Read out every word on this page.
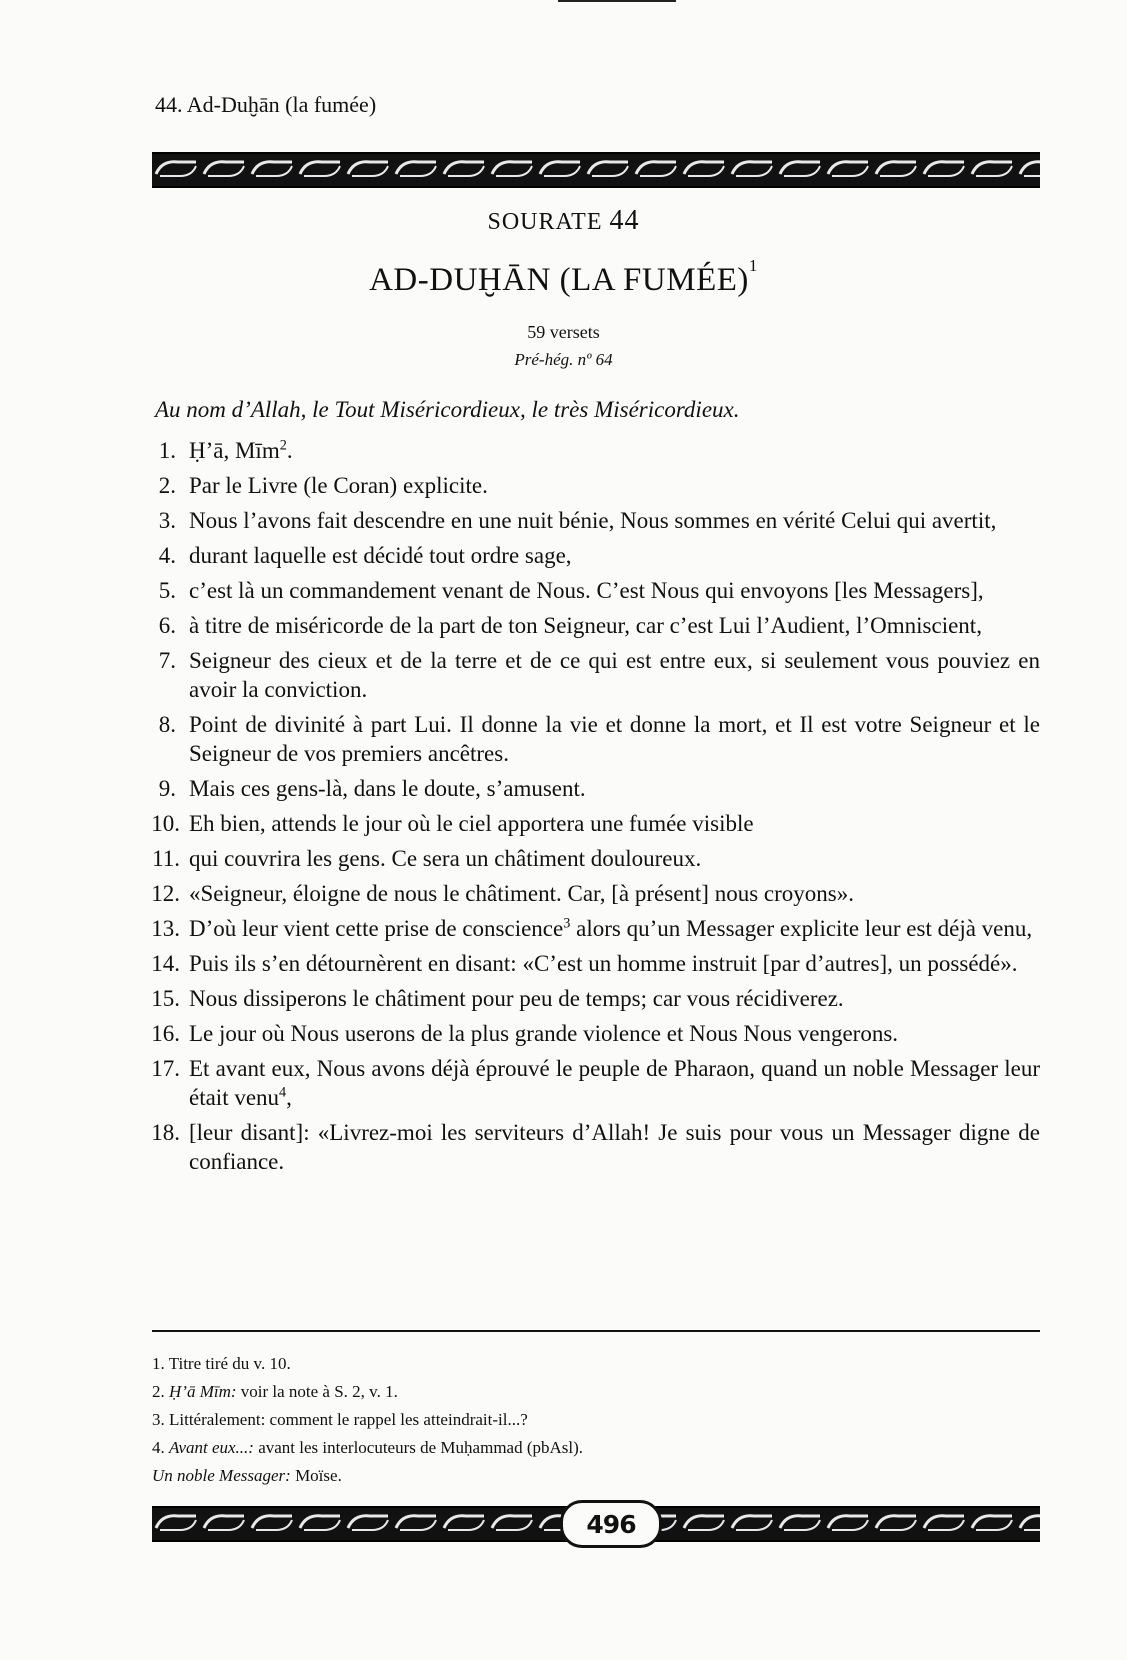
44. Ad-Duḫān (la fumée)
SOURATE 44
AD-DUḪĀN (LA FUMÉE)$^1$
59 versets
Pré-hég. nº 64
Au nom d’Allah, le Tout Miséricordieux, le très Miséricordieux.
1. Ḥ’ā, Mīm$^2$.
2. Par le Livre (le Coran) explicite.
3. Nous l’avons fait descendre en une nuit bénie, Nous sommes en vérité Celui qui avertit,
4. durant laquelle est décidé tout ordre sage,
5. c’est là un commandement venant de Nous. C’est Nous qui envoyons [les Messagers],
6. à titre de miséricorde de la part de ton Seigneur, car c’est Lui l’Audient, l’Omniscient,
7. Seigneur des cieux et de la terre et de ce qui est entre eux, si seulement vous pouviez en avoir la conviction.
8. Point de divinité à part Lui. Il donne la vie et donne la mort, et Il est votre Seigneur et le Seigneur de vos premiers ancêtres.
9. Mais ces gens-là, dans le doute, s’amusent.
10. Eh bien, attends le jour où le ciel apportera une fumée visible
11. qui couvrira les gens. Ce sera un châtiment douloureux.
12. «Seigneur, éloigne de nous le châtiment. Car, [à présent] nous croyons».
13. D’où leur vient cette prise de conscience$^3$ alors qu’un Messager explicite leur est déjà venu,
14. Puis ils s’en détournèrent en disant: «C’est un homme instruit [par d’autres], un possédé».
15. Nous dissiperons le châtiment pour peu de temps; car vous récidiverez.
16. Le jour où Nous userons de la plus grande violence et Nous Nous vengerons.
17. Et avant eux, Nous avons déjà éprouvé le peuple de Pharaon, quand un noble Messager leur était venu$^4$,
18. [leur disant]: «Livrez-moi les serviteurs d’Allah! Je suis pour vous un Messager digne de confiance.
1. Titre tiré du v. 10.
2. Ḥ’ā Mīm: voir la note à S. 2, v. 1.
3. Littéralement: comment le rappel les atteindrait-il...?
4. Avant eux...: avant les interlocuteurs de Muḥammad (pbAsl).
Un noble Messager: Moïse.
496
